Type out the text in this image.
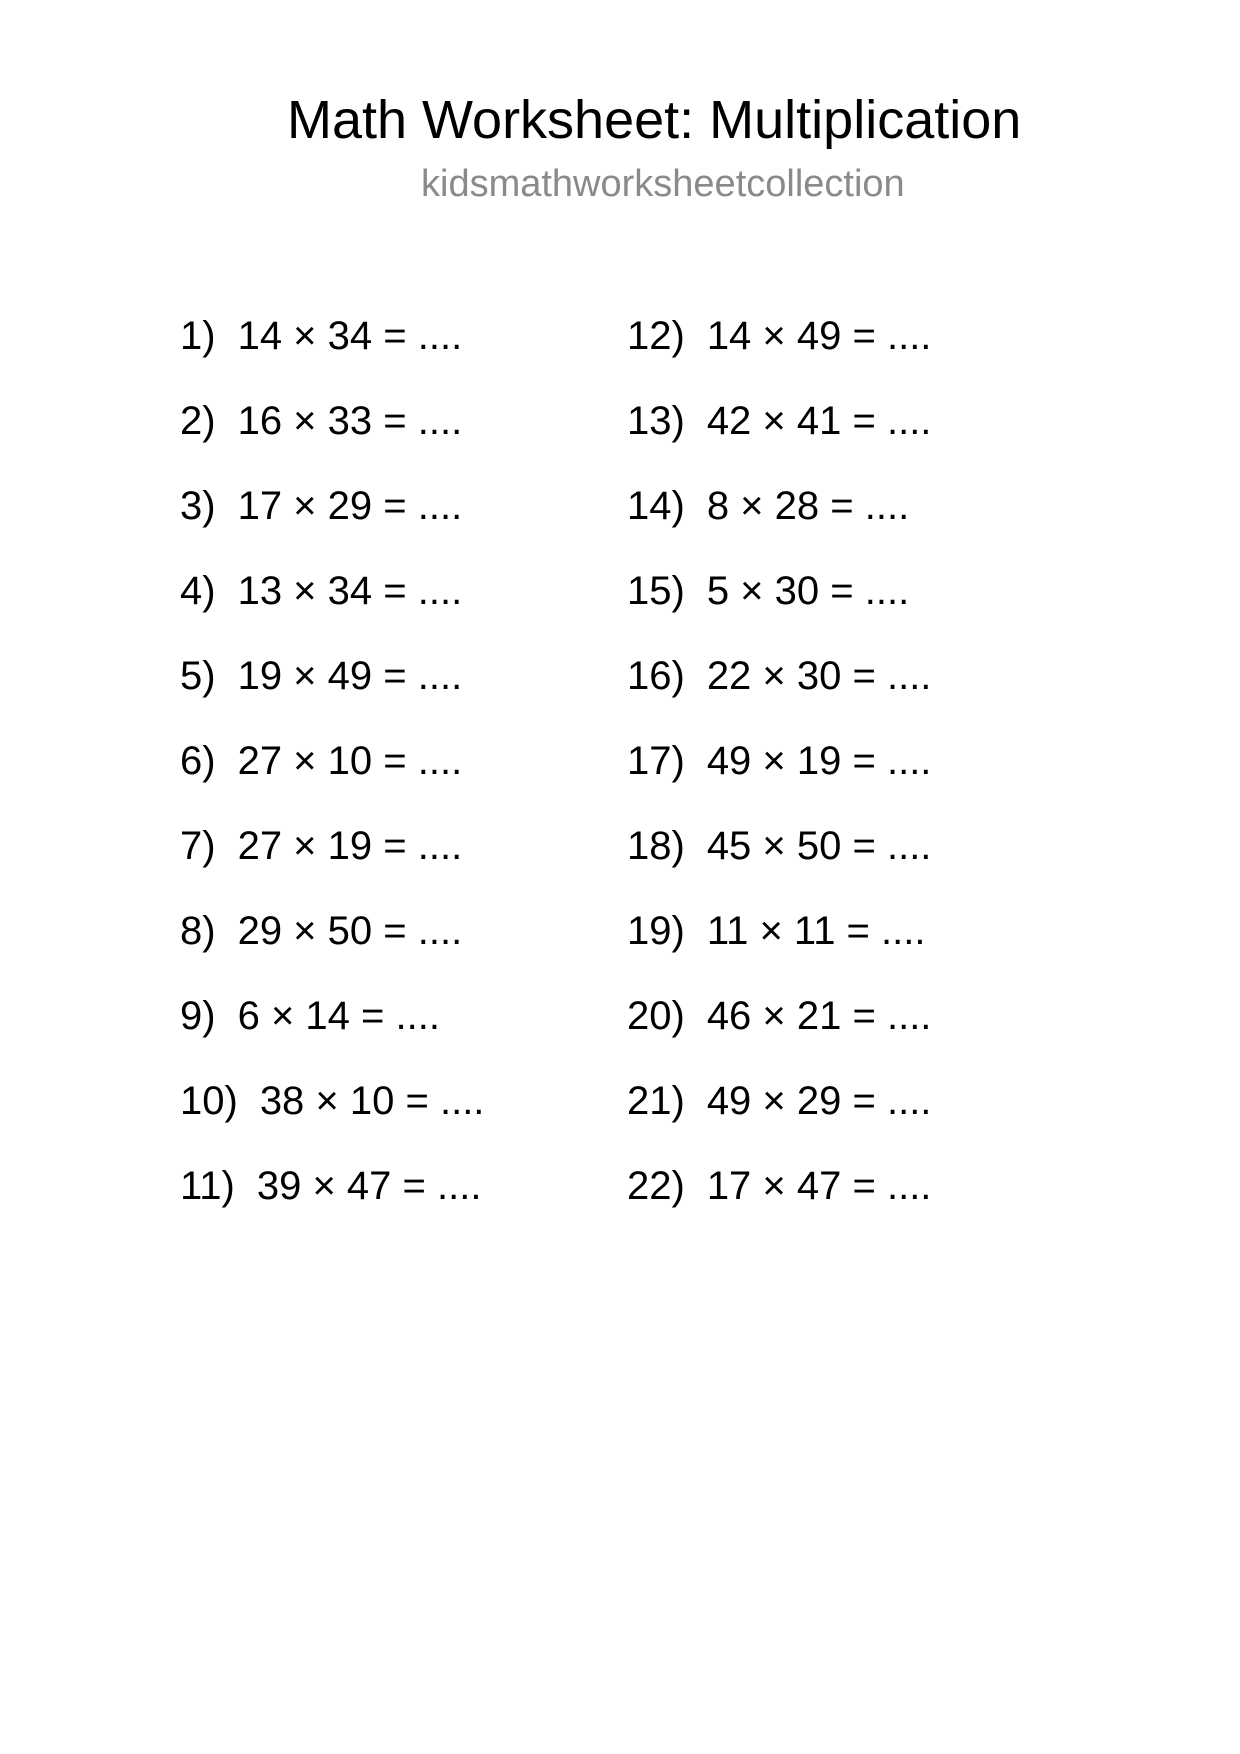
Math Worksheet: Multiplication
kidsmathworksheetcollection
1) 14 × 34 = ....
2) 16 × 33 = ....
3) 17 × 29 = ....
4) 13 × 34 = ....
5) 19 × 49 = ....
6) 27 × 10 = ....
7) 27 × 19 = ....
8) 29 × 50 = ....
9) 6 × 14 = ....
10) 38 × 10 = ....
11) 39 × 47 = ....
12) 14 × 49 = ....
13) 42 × 41 = ....
14) 8 × 28 = ....
15) 5 × 30 = ....
16) 22 × 30 = ....
17) 49 × 19 = ....
18) 45 × 50 = ....
19) 11 × 11 = ....
20) 46 × 21 = ....
21) 49 × 29 = ....
22) 17 × 47 = ....
